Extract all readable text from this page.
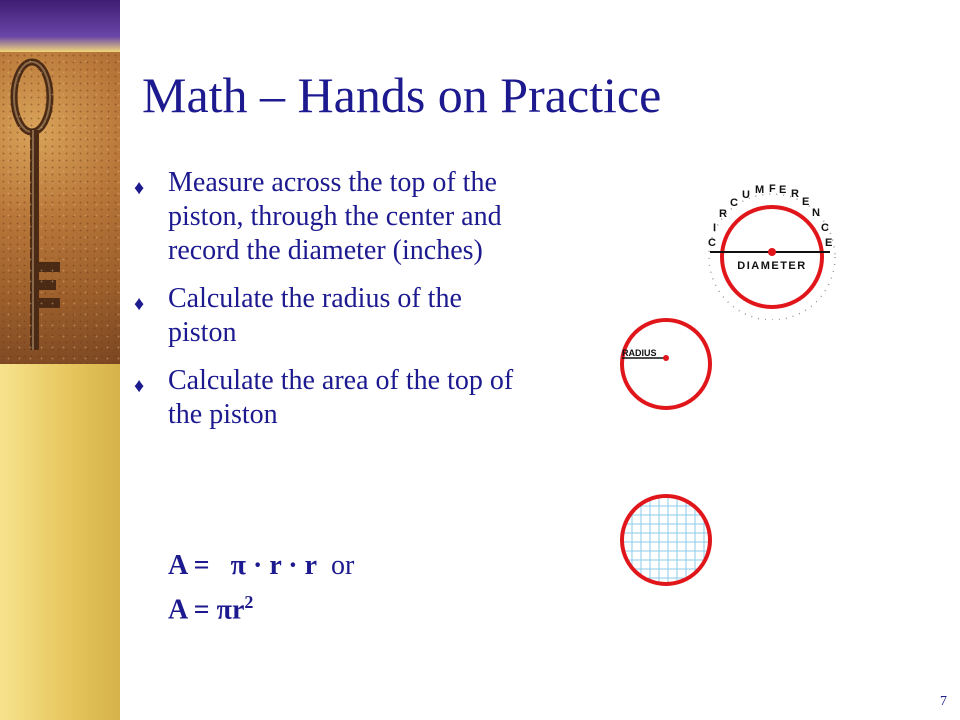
Math – Hands on Practice
♦ Measure across the top of the piston, through the center and record the diameter (inches)
♦ Calculate the radius of the piston
♦ Calculate the area of the top of the piston
A = π · r · r or
$A = \pi r^2$
C
I
R
C
U M F E R
E
N
C
E
DIAMETER
RADIUS
7
